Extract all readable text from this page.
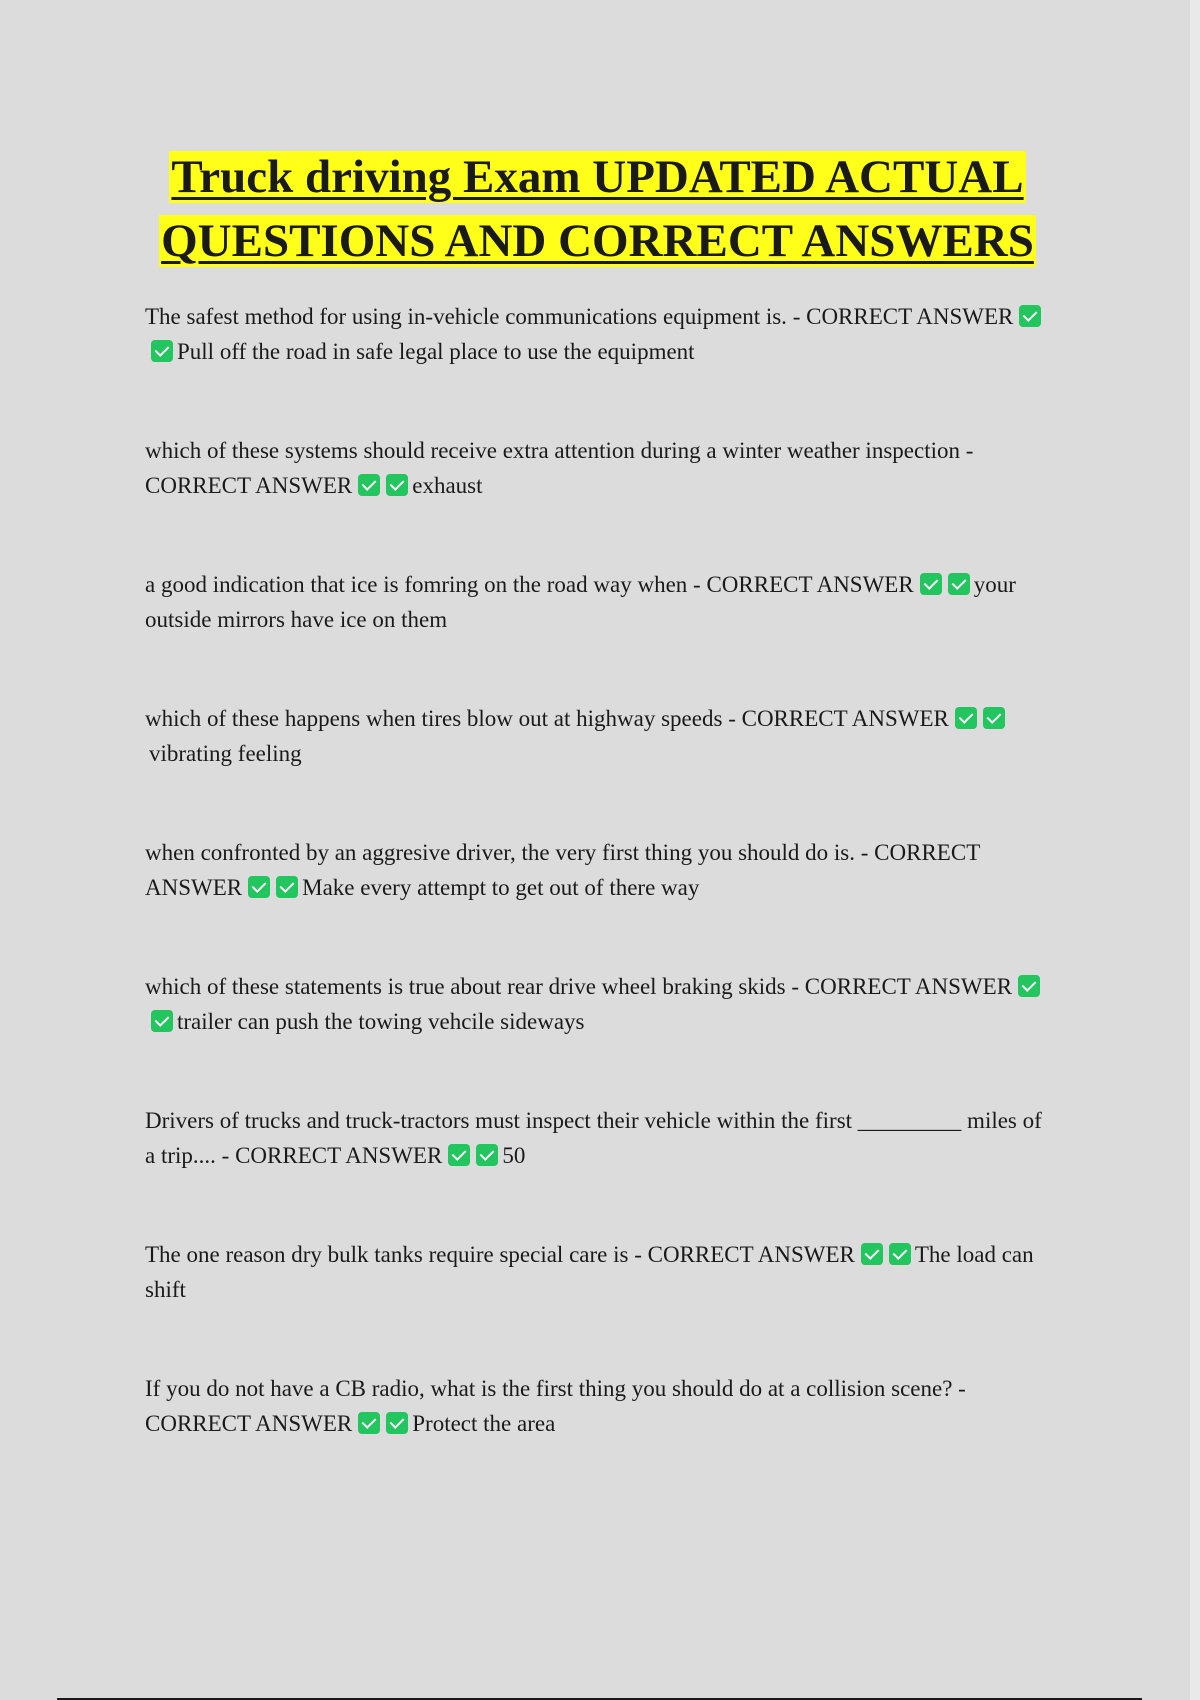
Truck driving Exam UPDATED ACTUAL
QUESTIONS AND CORRECT ANSWERS

The safest method for using in-vehicle communications equipment is. - CORRECT ANSWERPull off the road in safe legal place to use the equipment

which of these systems should receive extra attention during a winter weather inspection - CORRECT ANSWER	exhaust

a good indication that ice is fomring on the road way when - CORRECT ANSWER	your outside mirrors have ice on them

which of these happens when tires blow out at highway speeds - CORRECT ANSWERvibrating feeling

when confronted by an aggresive driver, the very first thing you should do is. - CORRECT ANSWER	Make every attempt to get out of there way

which of these statements is true about rear drive wheel braking skids - CORRECT ANSWERtrailer can push the towing vehcile sideways

Drivers of trucks and truck-tractors must inspect their vehicle within the first _________ miles of a trip.... - CORRECT ANSWER	50

The one reason dry bulk tanks require special care is - CORRECT ANSWER	The load can shift

If you do not have a CB radio, what is the first thing you should do at a collision scene? - CORRECT ANSWER	Protect the area
